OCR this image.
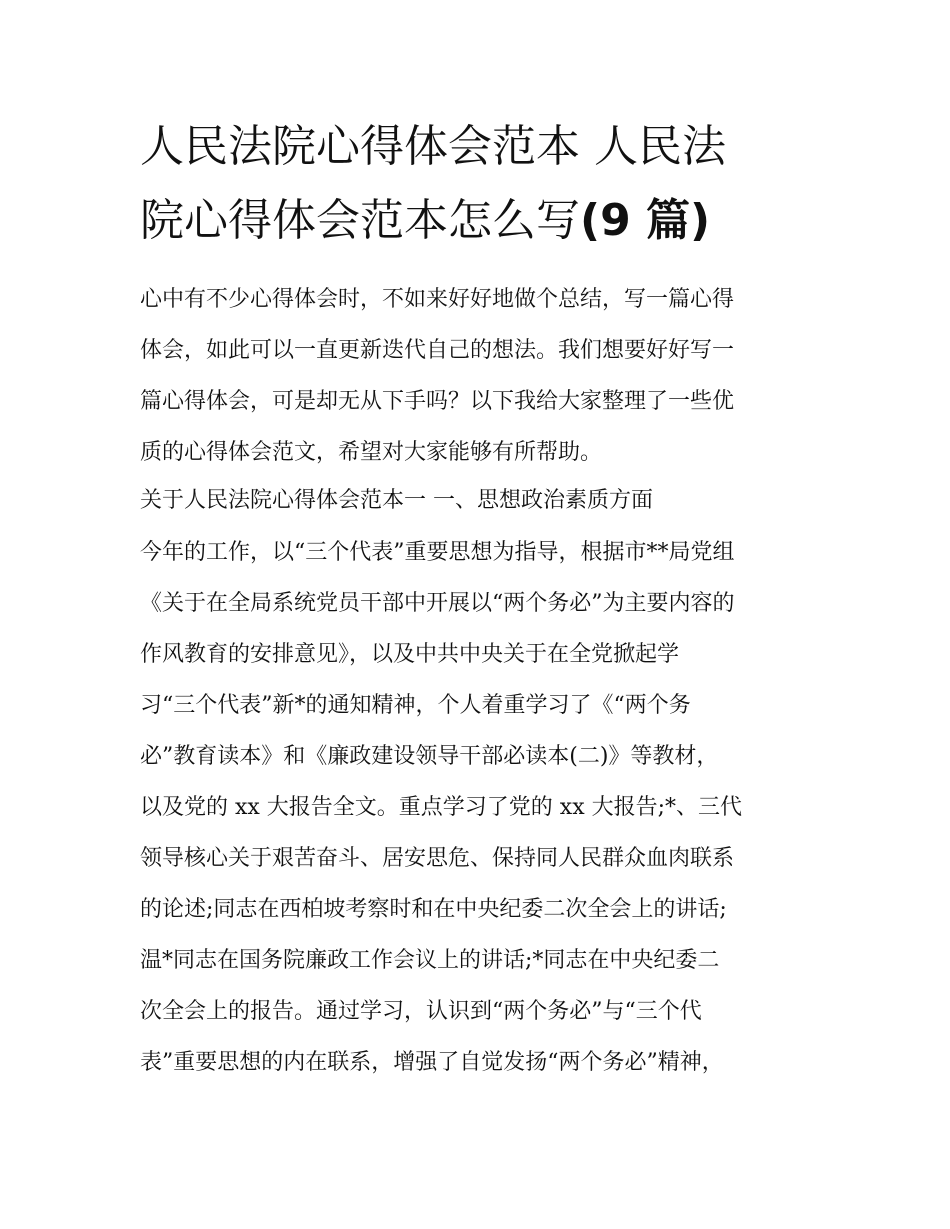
人民法院心得体会范本 人民法
院心得体会范本怎么写(9 篇)
心中有不少心得体会时，不如来好好地做个总结，写一篇心得
体会，如此可以一直更新迭代自己的想法。我们想要好好写一
篇心得体会，可是却无从下手吗？以下我给大家整理了一些优
质的心得体会范文，希望对大家能够有所帮助。
关于人民法院心得体会范本一 一、思想政治素质方面
今年的工作，以“三个代表”重要思想为指导，根据市**局党组
《关于在全局系统党员干部中开展以“两个务必”为主要内容的
作风教育的安排意见》，以及中共中央关于在全党掀起学
习“三个代表”新*的通知精神，个人着重学习了《“两个务
必”教育读本》和《廉政建设领导干部必读本(二)》等教材，
以及党的 xx 大报告全文。重点学习了党的 xx 大报告;*、三代
领导核心关于艰苦奋斗、居安思危、保持同人民群众血肉联系
的论述;同志在西柏坡考察时和在中央纪委二次全会上的讲话;
温*同志在国务院廉政工作会议上的讲话;*同志在中央纪委二
次全会上的报告。通过学习，认识到“两个务必”与“三个代
表”重要思想的内在联系，增强了自觉发扬“两个务必”精神，
